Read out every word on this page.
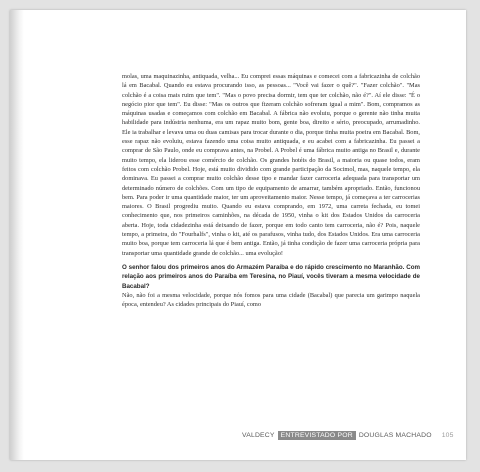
molas, uma maquinazinha, antiquada, velha... Eu comprei essas máquinas e comecei com a fabricazinha de colchão lá em Bacabal. Quando eu estava procurando isso, as pessoas... "Você vai fazer o quê?". "Fazer colchão". "Mas colchão é a coisa mais ruim que tem". "Mas o povo precisa dormir, tem que ter colchão, não é?". Aí ele disse: "É o negócio pior que tem". Eu disse: "Mas os outros que fizeram colchão sofreram igual a mim". Bom, compramos as máquinas usadas e começamos com colchão em Bacabal. A fábrica não evoluiu, porque o gerente não tinha muita habilidade para indústria nenhuma, era um rapaz muito bom, gente boa, direito e sério, preocupado, arrumadinho. Ele ia trabalhar e levava uma ou duas camisas para trocar durante o dia, porque tinha muita poeira em Bacabal. Bom, esse rapaz não evoluiu, estava fazendo uma coisa muito antiquada, e eu acabei com a fabricazinha. Eu passei a comprar de São Paulo, onde eu comprava antes, na Probel. A Probel é uma fábrica muito antiga no Brasil e, durante muito tempo, ela liderou esse comércio de colchão. Os grandes hotéis do Brasil, a maioria ou quase todos, eram feitos com colchão Probel. Hoje, está muito dividido com grande participação da Socimol, mas, naquele tempo, ela dominava. Eu passei a comprar muito colchão desse tipo e mandar fazer carroceria adequada para transportar um determinado número de colchões. Com um tipo de equipamento de amarrar, também apropriado. Então, funcionou bem. Para poder ir uma quantidade maior, ter um aproveitamento maior. Nesse tempo, já começava a ter carrocerias maiores. O Brasil progrediu muito. Quando eu estava comprando, em 1972, uma carreta fechada, eu tomei conhecimento que, nos primeiros caminhões, na década de 1950, vinha o kit dos Estados Unidos da carroceria aberta. Hoje, toda cidadezinha está deixando de fazer, porque em todo canto tem carroceria, não é? Pois, naquele tempo, a primeira, do "Fourhalfs", vinha o kit, até os parafusos, vinha tudo, dos Estados Unidos. Era uma carroceria muito boa, porque tem carroceria lá que é bem antiga. Então, já tinha condição de fazer uma carroceria própria para transportar uma quantidade grande de colchão... uma evolução!

O senhor falou dos primeiros anos do Armazém Paraíba e do rápido crescimento no Maranhão. Com relação aos primeiros anos do Paraíba em Teresina, no Piauí, vocês tiveram a mesma velocidade de Bacabal?

Não, não foi a mesma velocidade, porque nós fomos para uma cidade (Bacabal) que parecia um garimpo naquela época, entendeu? As cidades principais do Piauí, como

VALDECY ENTREVISTADO POR DOUGLAS MACHADO 105
